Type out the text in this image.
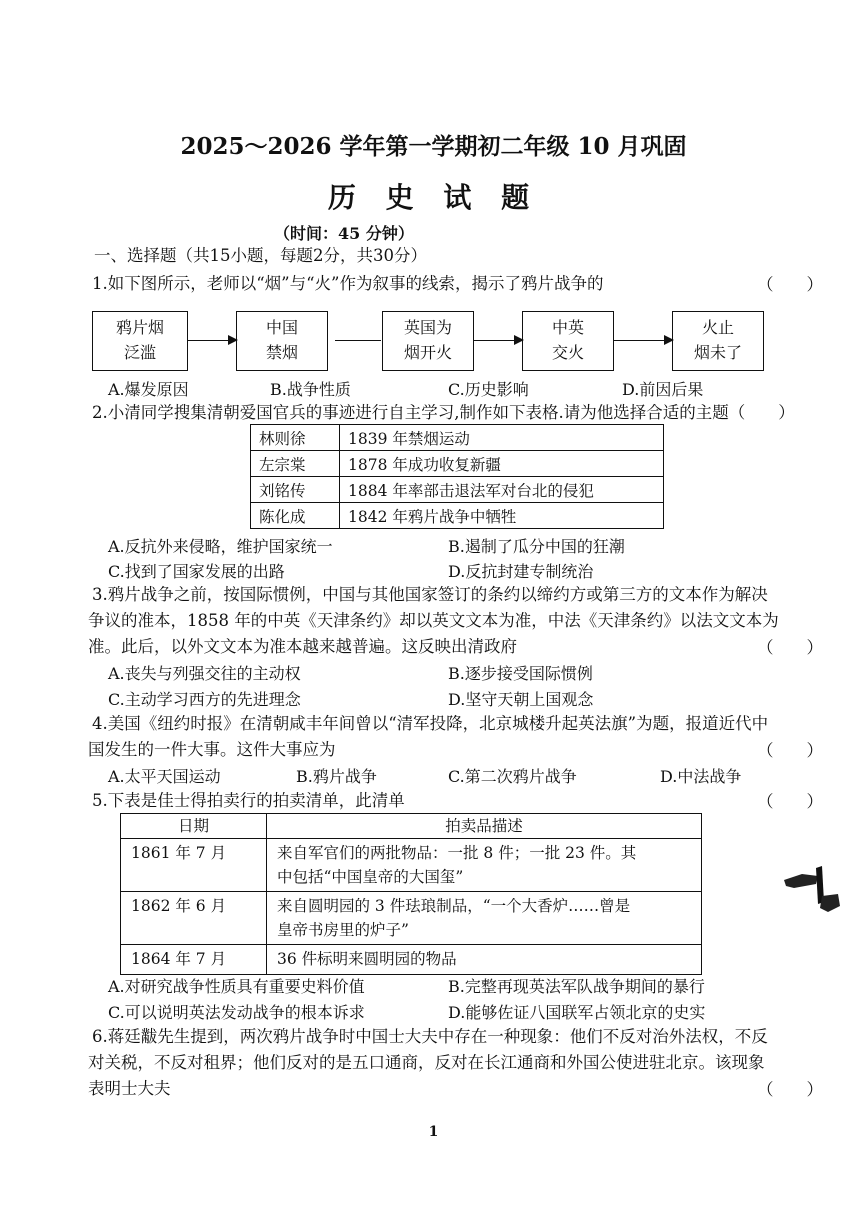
2025～2026 学年第一学期初二年级 10 月巩固
历 史 试 题
（时间：45 分钟）
一、选择题（共15小题，每题2分，共30分）
1.如下图所示，老师以“烟”与“火”作为叙事的线索，揭示了鸦片战争的	（　　）
鸦片烟
泛滥
中国
禁烟
英国为
烟开火
中英
交火
火止
烟未了
A.爆发原因	B.战争性质	C.历史影响	D.前因后果
2.小清同学搜集清朝爱国官兵的事迹进行自主学习,制作如下表格.请为他选择合适的主题（　　）
林则徐	1839 年禁烟运动
左宗棠	1878 年成功收复新疆
刘铭传	1884 年率部击退法军对台北的侵犯
陈化成	1842 年鸦片战争中牺牲
A.反抗外来侵略，维护国家统一	B.遏制了瓜分中国的狂潮
C.找到了国家发展的出路	D.反抗封建专制统治
3.鸦片战争之前，按国际惯例，中国与其他国家签订的条约以缔约方或第三方的文本作为解决
争议的准本，1858 年的中英《天津条约》却以英文文本为准，中法《天津条约》以法文文本为
准。此后，以外文文本为准本越来越普遍。这反映出清政府	（　　）
A.丧失与列强交往的主动权	B.逐步接受国际惯例
C.主动学习西方的先进理念	D.坚守天朝上国观念
4.美国《纽约时报》在清朝咸丰年间曾以“清军投降，北京城楼升起英法旗”为题，报道近代中
国发生的一件大事。这件大事应为	（　　）
A.太平天国运动	B.鸦片战争	C.第二次鸦片战争	D.中法战争
5.下表是佳士得拍卖行的拍卖清单，此清单	（　　）
日期	拍卖品描述
1861 年 7 月	来自军官们的两批物品：一批 8 件；一批 23 件。其
中包括“中国皇帝的大国玺”

1862 年 6 月	来自圆明园的 3 件珐琅制品，“一个大香炉……曾是
皇帝书房里的炉子”

1864 年 7 月	36 件标明来圆明园的物品
A.对研究战争性质具有重要史料价值	B.完整再现英法军队战争期间的暴行
C.可以说明英法发动战争的根本诉求	D.能够佐证八国联军占领北京的史实
6.蒋廷黻先生提到，两次鸦片战争时中国士大夫中存在一种现象：他们不反对治外法权，不反
对关税，不反对租界；他们反对的是五口通商，反对在长江通商和外国公使进驻北京。该现象
表明士大夫	（　　）
1
